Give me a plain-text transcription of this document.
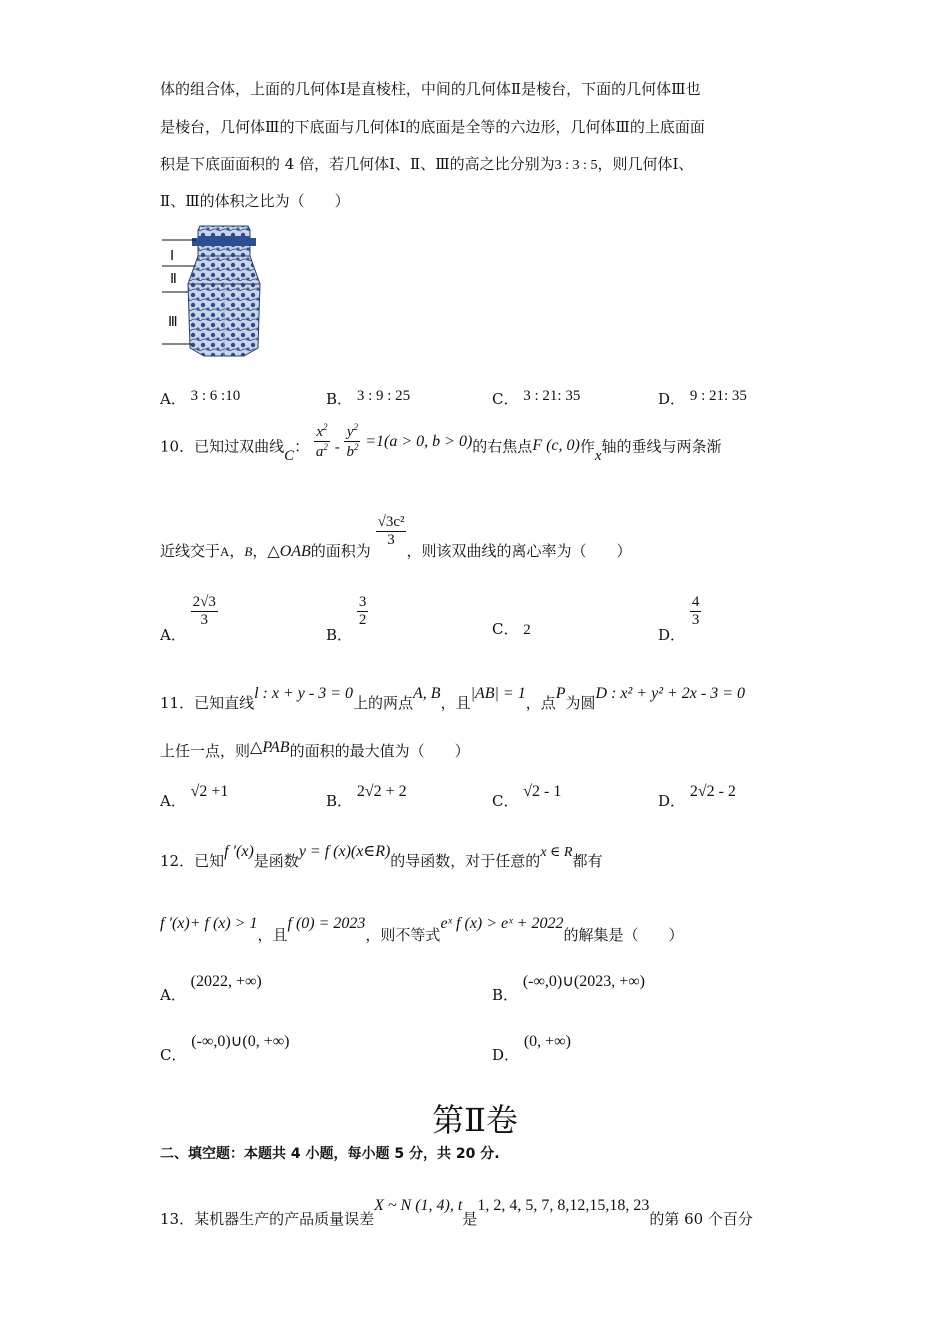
体的组合体，上面的几何体Ⅰ是直棱柱，中间的几何体Ⅱ是棱台，下面的几何体Ⅲ也
是棱台，几何体Ⅲ的下底面与几何体Ⅰ的底面是全等的六边形，几何体Ⅲ的上底面面
积是下底面面积的 4 倍，若几何体Ⅰ、Ⅱ、Ⅲ的高之比分别为3 : 3 : 5，则几何体Ⅰ、
Ⅱ、Ⅲ的体积之比为（　　）
Ⅰ
Ⅱ
Ⅲ
A． 3 : 6 :10	B． 3 : 9 : 25	C． 3 : 21: 35	D． 9 : 21: 35
10．已知过双曲线C： $\frac{x^2}{a^2} - \frac{y^2}{b^2} =1(a > 0$, b > 0)的右焦点F (c, 0)作x轴的垂线与两条渐
近线交于A，B，△OAB的面积为
$\frac{\text{√3c²}}{3}$
，则该双曲线的离心率为（　　）
A．
$\frac{2√3}{3}$
B．
$\frac{3}{2}$	C． 2	D．
$\frac{4}{3}$
11．已知直线l : x + y - 3 = 0上的两点A, B，且|AB| = 1，点P为圆D : x² + y² + 2x - 3 = 0
上任一点，则△PAB的面积的最大值为（　　）
A． √2 +1
B． 2√2 + 2
C． √2 - 1
D． 2√2 - 2
12．已知f ′(x)是函数y = f (x)(x∈R)的导函数，对于任意的x ∈ R都有
f ′(x)+ f (x) > 1，且f (0) = 2023，则不等式eˣ f (x) > eˣ + 2022的解集是（　　）
A． (2022, +∞)
B． (-∞,0)∪(2023, +∞)
C． (-∞,0)∪(0, +∞)
D． (0, +∞)
第Ⅱ卷
二、填空题：本题共 4 小题，每小题 5 分，共 20 分.
13．某机器生产的产品质量误差X ~ N (1, 4), t是1, 2, 4, 5, 7, 8,12,15,18, 23的第 60 个百分
